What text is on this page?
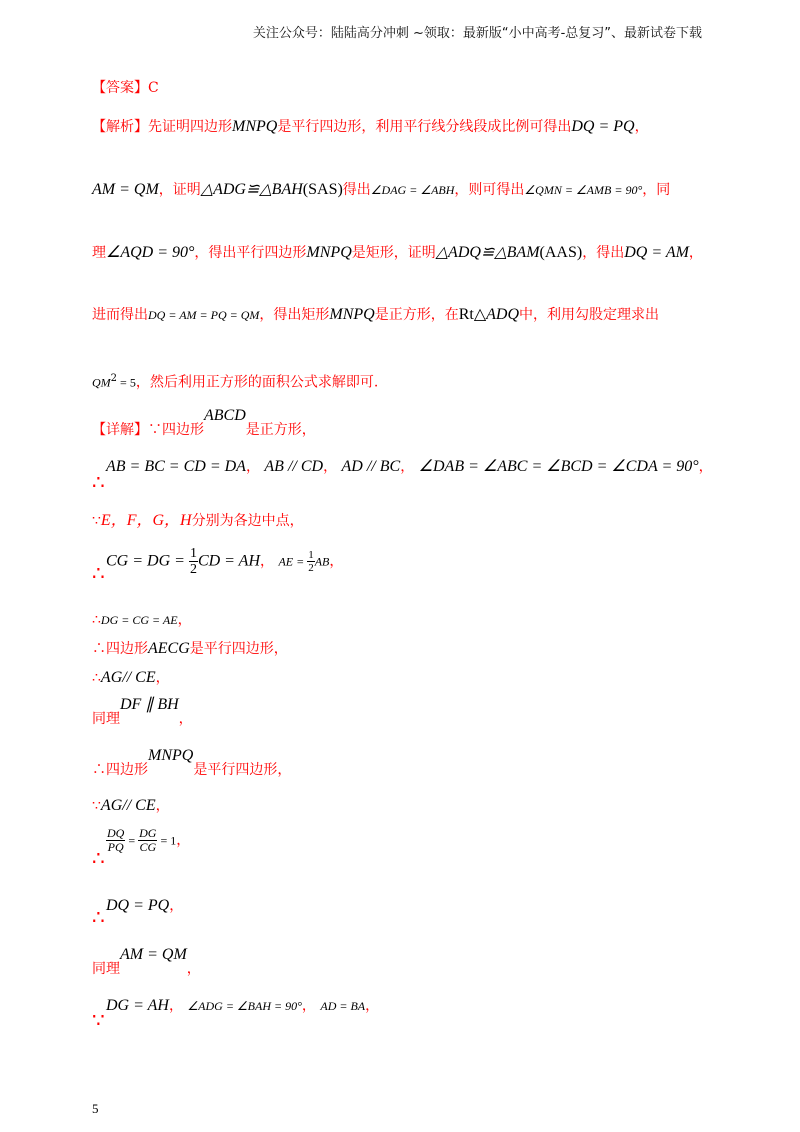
关注公众号：陆陆高分冲刺 ~领取：最新版“小中高考-总复习”、最新试卷下载
【答案】C
【解析】先证明四边形MNPQ是平行四边形，利用平行线分线段成比例可得出DQ = PQ，
AM = QM，证明△ADG≌△BAH(SAS)得出∠DAG = ∠ABH，则可得出∠QMN = ∠AMB = 90°，同
理∠AQD = 90°，得出平行四边形MNPQ是矩形，证明△ADQ≌△BAM(AAS)，得出DQ = AM，
进而得出DQ = AM = PQ = QM，得出矩形MNPQ是正方形，在Rt△ADQ中，利用勾股定理求出
$QM^2 = 5$，然后利用正方形的面积公式求解即可.
【详解】∵四边形ABCD是正方形，
AB = BC = CD = DA， AB // CD， AD // BC， ∠DAB = ∠ABC = ∠BCD = ∠CDA = 90°，
∴
∵E，F，G，H分别为各边中点，
CG = DG = $\frac{1}{2}$ CD = AH， AE = $\frac{1}{2}$ AB，
∴
∴DG = CG = AE，
∴四边形AECG是平行四边形，
∴AG// CE，
同理DF ∥ BH，
∴四边形MNPQ是平行四边形，
∵AG// CE，
$\frac{DQ}{PQ} = \frac{DG}{CG} = 1$，
∴
DQ = PQ，
∴
同理AM = QM，
DG = AH， ∠ADG = ∠BAH = 90°， AD = BA，
∵
5
